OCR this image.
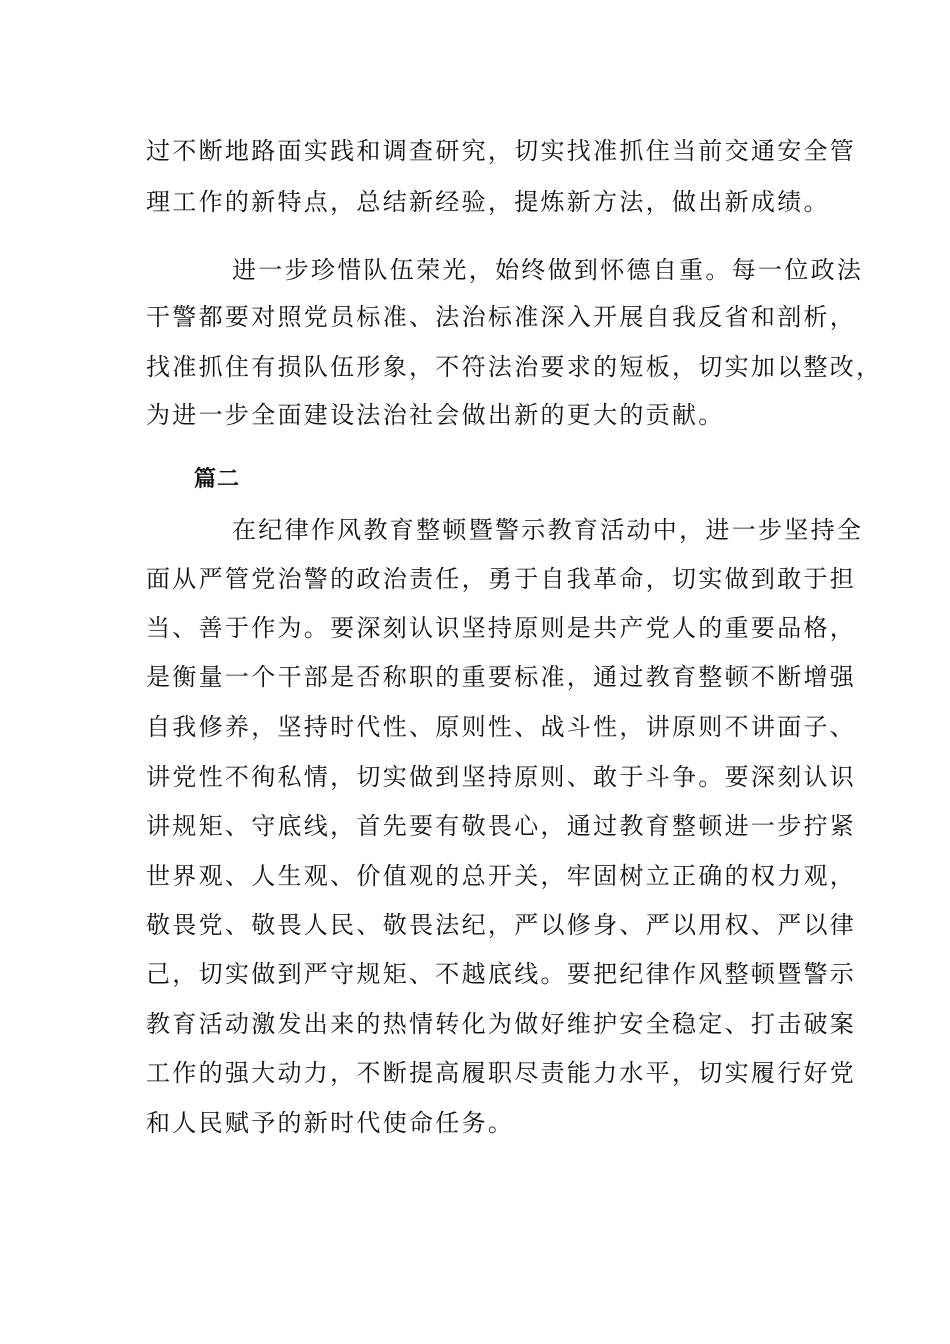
过不断地路面实践和调查研究，切实找准抓住当前交通安全管
理工作的新特点，总结新经验，提炼新方法，做出新成绩。
进一步珍惜队伍荣光，始终做到怀德自重。每一位政法
干警都要对照党员标准、法治标准深入开展自我反省和剖析，
找准抓住有损队伍形象，不符法治要求的短板，切实加以整改，
为进一步全面建设法治社会做出新的更大的贡献。
篇二
在纪律作风教育整顿暨警示教育活动中，进一步坚持全
面从严管党治警的政治责任，勇于自我革命，切实做到敢于担
当、善于作为。要深刻认识坚持原则是共产党人的重要品格，
是衡量一个干部是否称职的重要标准，通过教育整顿不断增强
自我修养，坚持时代性、原则性、战斗性，讲原则不讲面子、
讲党性不徇私情，切实做到坚持原则、敢于斗争。要深刻认识
讲规矩、守底线，首先要有敬畏心，通过教育整顿进一步拧紧
世界观、人生观、价值观的总开关，牢固树立正确的权力观，
敬畏党、敬畏人民、敬畏法纪，严以修身、严以用权、严以律
己，切实做到严守规矩、不越底线。要把纪律作风整顿暨警示
教育活动激发出来的热情转化为做好维护安全稳定、打击破案
工作的强大动力，不断提高履职尽责能力水平，切实履行好党
和人民赋予的新时代使命任务。
